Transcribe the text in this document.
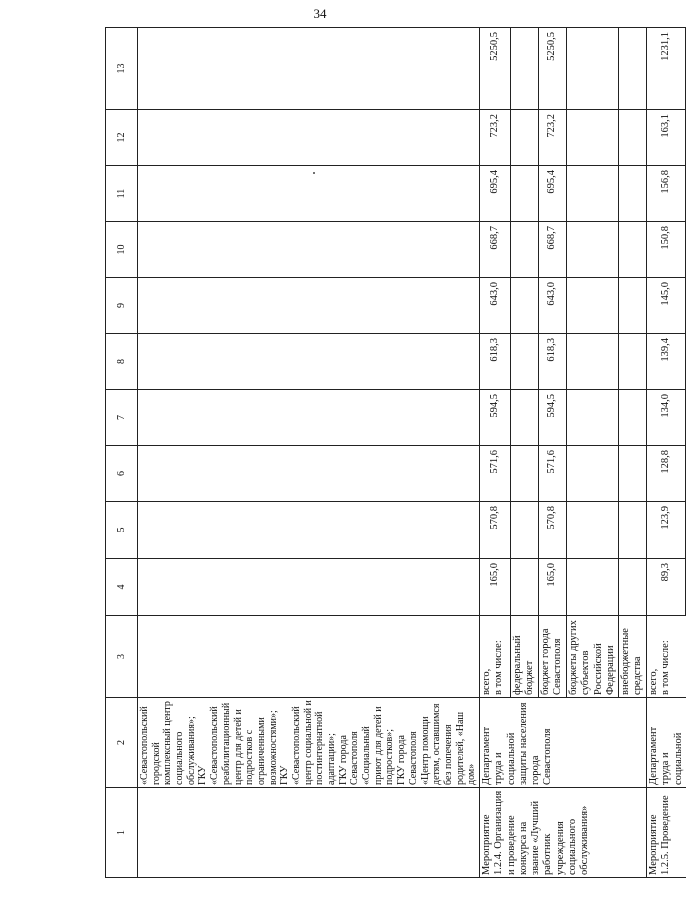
34
1	2	3	4	5	6	7	8	9	10	11	12	13
	«Севастопольский городской комплексный центр социального обслуживания»;
ГКУ «Севастопольский реабилитационный центр для детей и подростков с ограниченными возможностями»;
ГКУ «Севастопольский центр социальной и постинтернатной адаптации»;
ГКУ города Севастополя «Социальный приют для детей и подростков»;
ГКУ города Севастополя «Центр помощи детям, оставшимся без попечения родителей, «Наш дом»											
Мероприятие 1.2.4. Организация и проведение конкурса на звание «Лучший работник учреждения социального обслуживания»	Департамент труда и социальной защиты населения города Севастополя	всего,
в том числе:	165,0	570,8	571,6	594,5	618,3	643,0	668,7	695,4	723,2	5250,5
		федеральный бюджет										
		бюджет города Севастополя	165,0	570,8	571,6	594,5	618,3	643,0	668,7	695,4	723,2	5250,5
		бюджеты других субъектов Российской Федерации										
		внебюджетные средства										
Мероприятие 1.2.5. Проведение	Департамент труда и социальной	всего,
в том числе:	89,3	123,9	128,8	134,0	139,4	145,0	150,8	156,8	163,1	1231,1
